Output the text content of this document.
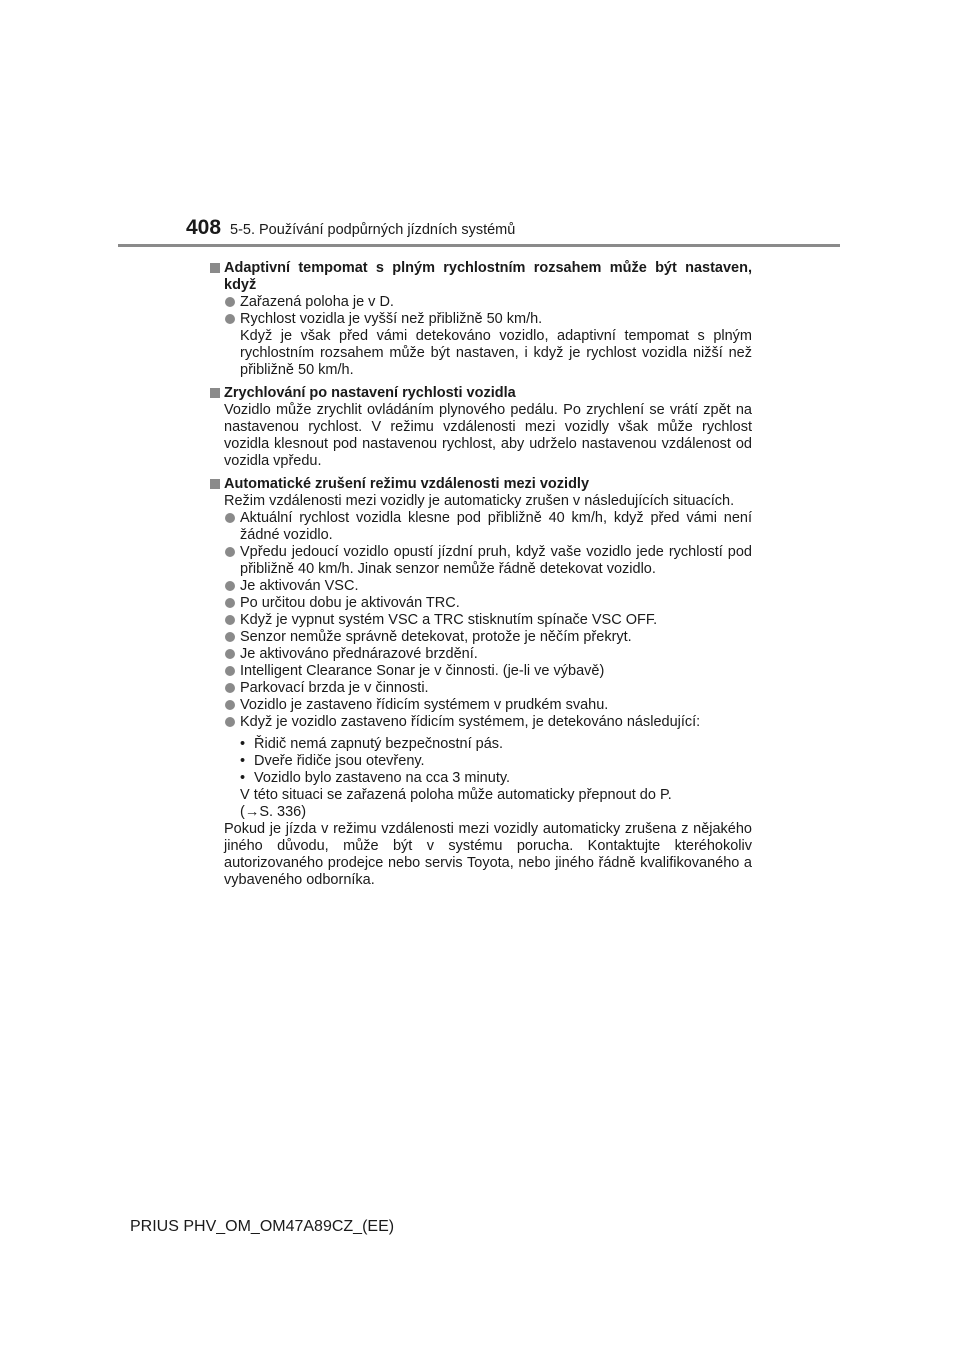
408 5-5. Používání podpůrných jízdních systémů

Adaptivní tempomat s plným rychlostním rozsahem může být nastaven, když

Zařazená poloha je v D.

Rychlost vozidla je vyšší než přibližně 50 km/h.
Když je však před vámi detekováno vozidlo, adaptivní tempomat s plným rychlostním rozsahem může být nastaven, i když je rychlost vozidla nižší než přibližně 50 km/h.

Zrychlování po nastavení rychlosti vozidla

Vozidlo může zrychlit ovládáním plynového pedálu. Po zrychlení se vrátí zpět na nastavenou rychlost. V režimu vzdálenosti mezi vozidly však může rychlost vozidla klesnout pod nastavenou rychlost, aby udrželo nastavenou vzdálenost od vozidla vpředu.

Automatické zrušení režimu vzdálenosti mezi vozidly

Režim vzdálenosti mezi vozidly je automaticky zrušen v následujících situacích.

Aktuální rychlost vozidla klesne pod přibližně 40 km/h, když před vámi není žádné vozidlo.

Vpředu jedoucí vozidlo opustí jízdní pruh, když vaše vozidlo jede rychlostí pod přibližně 40 km/h. Jinak senzor nemůže řádně detekovat vozidlo.

Je aktivován VSC.

Po určitou dobu je aktivován TRC.

Když je vypnut systém VSC a TRC stisknutím spínače VSC OFF.

Senzor nemůže správně detekovat, protože je něčím překryt.

Je aktivováno přednárazové brzdění.

Intelligent Clearance Sonar je v činnosti. (je-li ve výbavě)

Parkovací brzda je v činnosti.

Vozidlo je zastaveno řídicím systémem v prudkém svahu.

Když je vozidlo zastaveno řídicím systémem, je detekováno následující:

• Řidič nemá zapnutý bezpečnostní pás.

• Dveře řidiče jsou otevřeny.

• Vozidlo bylo zastaveno na cca 3 minuty.

V této situaci se zařazená poloha může automaticky přepnout do P.

(→S. 336)

Pokud je jízda v režimu vzdálenosti mezi vozidly automaticky zrušena z nějakého jiného důvodu, může být v systému porucha. Kontaktujte kteréhokoliv autorizovaného prodejce nebo servis Toyota, nebo jiného řádně kvalifikovaného a vybaveného odborníka.

PRIUS PHV_OM_OM47A89CZ_(EE)
